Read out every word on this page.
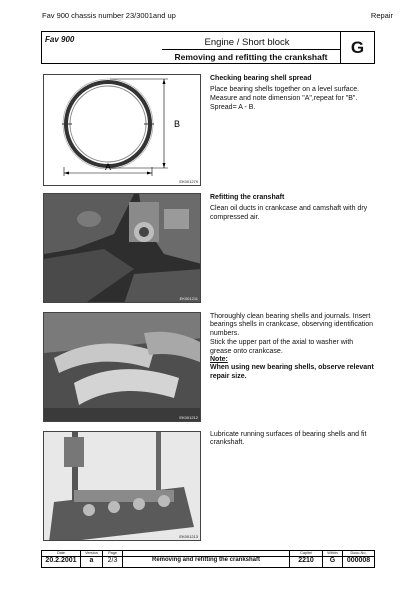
Fav 900 chassis number 23/3001and up	Repair
Fav 900	Engine / Short block
Removing and refitting the crankshaft
G
A
B
EK001279
EK001211
EK001212
EK001213
Checking bearing shell spread
Place bearing shells together on a level surface. Measure and note dimension "A",repeat for "B".
Spread= A - B.
Refitting the cranshaft
Clean oil ducts in crankcase and camshaft with dry compressed air.
Thoroughly clean bearing shells and journals. Insert bearings shells in crankcase, observing identification numbers.
Stick the upper part of the axial to washer with grease onto crankcase.
Note:
When using new bearing shells, observe relevant repair size.
Lubricate running surfaces of bearing shells and fit crankshaft.
Date
20.2.2001
Version
a
Page
2/3	Removing and refitting the crankshaft
Capitel
2210
Within
G
Docu-No.
000008
